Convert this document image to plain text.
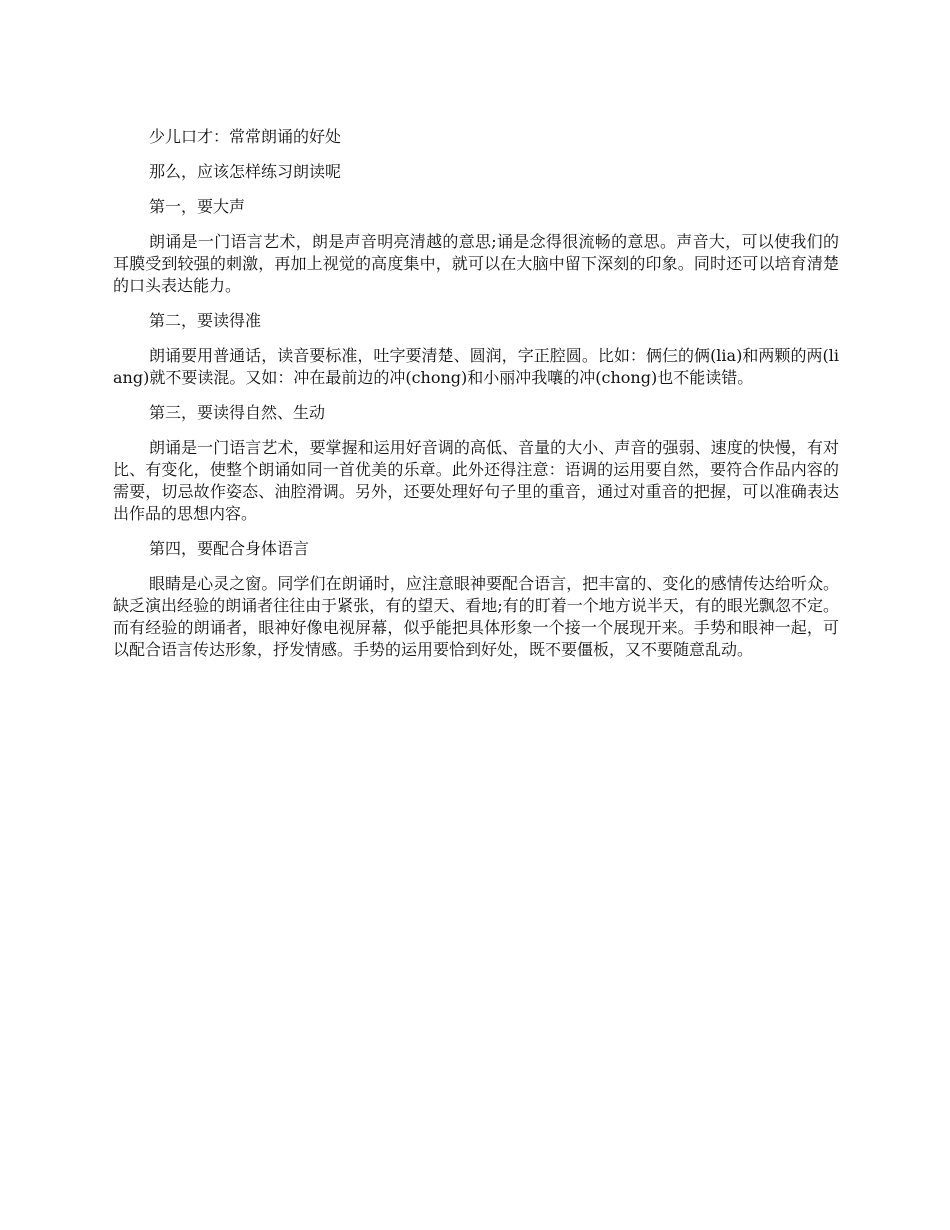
少儿口才：常常朗诵的好处

那么，应该怎样练习朗读呢

第一，要大声

朗诵是一门语言艺术，朗是声音明亮清越的意思;诵是念得很流畅的意思。声音大，可以使我们的耳膜受到较强的刺激，再加上视觉的高度集中，就可以在大脑中留下深刻的印象。同时还可以培育清楚的口头表达能力。

第二，要读得准

朗诵要用普通话，读音要标准，吐字要清楚、圆润，字正腔圆。比如：俩仨的俩(lia)和两颗的两(liang)就不要读混。又如：冲在最前边的冲(chong)和小丽冲我嚷的冲(chong)也不能读错。

第三，要读得自然、生动

朗诵是一门语言艺术，要掌握和运用好音调的高低、音量的大小、声音的强弱、速度的快慢，有对比、有变化，使整个朗诵如同一首优美的乐章。此外还得注意：语调的运用要自然，要符合作品内容的需要，切忌故作姿态、油腔滑调。另外，还要处理好句子里的重音，通过对重音的把握，可以准确表达出作品的思想内容。

第四，要配合身体语言

眼睛是心灵之窗。同学们在朗诵时，应注意眼神要配合语言，把丰富的、变化的感情传达给听众。缺乏演出经验的朗诵者往往由于紧张，有的望天、看地;有的盯着一个地方说半天，有的眼光飘忽不定。而有经验的朗诵者，眼神好像电视屏幕，似乎能把具体形象一个接一个展现开来。手势和眼神一起，可以配合语言传达形象，抒发情感。手势的运用要恰到好处，既不要僵板，又不要随意乱动。
